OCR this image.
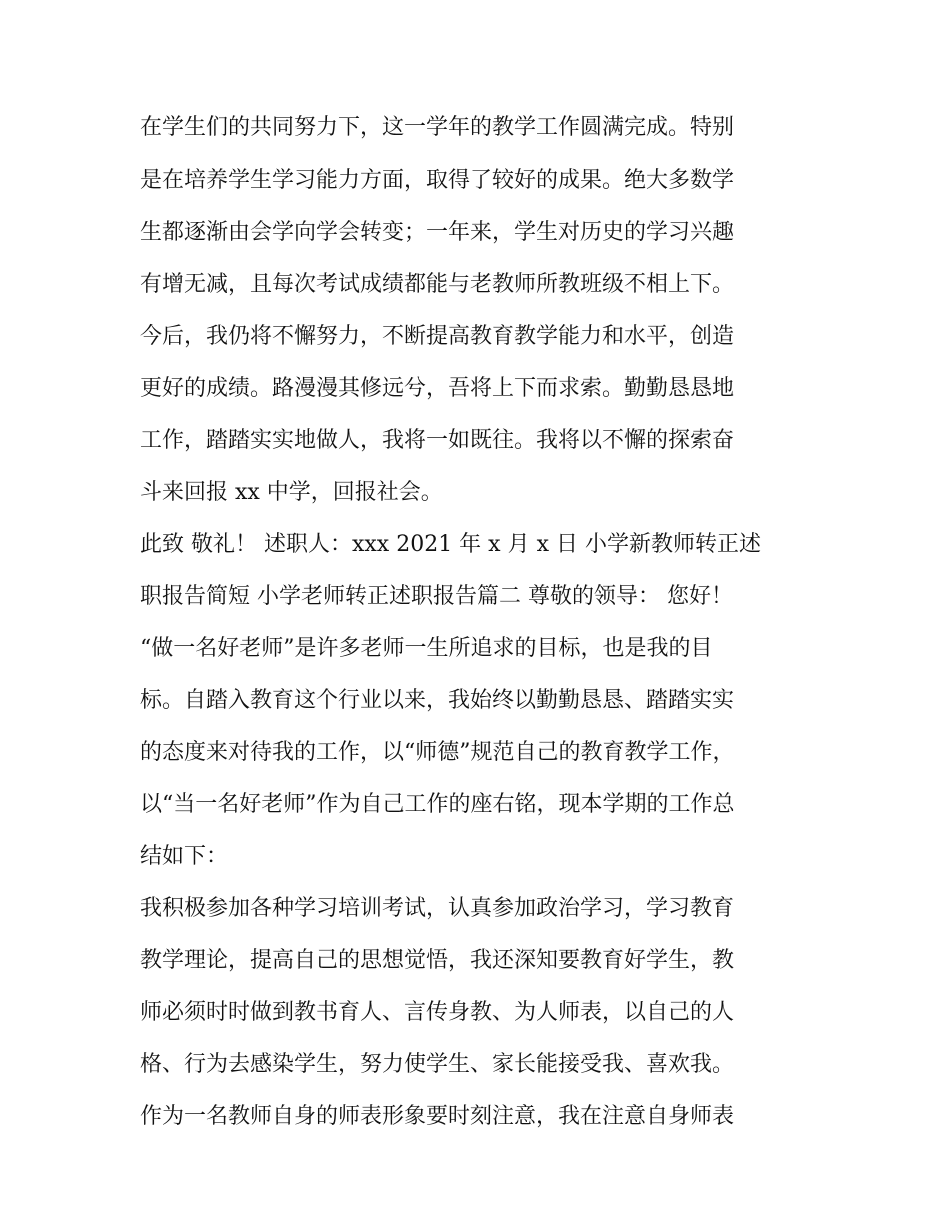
在学生们的共同努力下，这一学年的教学工作圆满完成。特别
是在培养学生学习能力方面，取得了较好的成果。绝大多数学
生都逐渐由会学向学会转变；一年来，学生对历史的学习兴趣
有增无减，且每次考试成绩都能与老教师所教班级不相上下。
今后，我仍将不懈努力，不断提高教育教学能力和水平，创造
更好的成绩。路漫漫其修远兮，吾将上下而求索。勤勤恳恳地
工作，踏踏实实地做人，我将一如既往。我将以不懈的探索奋
斗来回报 xx 中学，回报社会。
此致 敬礼！ 述职人：xxx 2021 年 x 月 x 日 小学新教师转正述
职报告简短 小学老师转正述职报告篇二 尊敬的领导： 您好！
“做一名好老师”是许多老师一生所追求的目标，也是我的目
标。自踏入教育这个行业以来，我始终以勤勤恳恳、踏踏实实
的态度来对待我的工作，以“师德”规范自己的教育教学工作，
以“当一名好老师”作为自己工作的座右铭，现本学期的工作总
结如下：
我积极参加各种学习培训考试，认真参加政治学习，学习教育
教学理论，提高自己的思想觉悟，我还深知要教育好学生，教
师必须时时做到教书育人、言传身教、为人师表，以自己的人
格、行为去感染学生，努力使学生、家长能接受我、喜欢我。
作为一名教师自身的师表形象要时刻注意，我在注意自身师表
